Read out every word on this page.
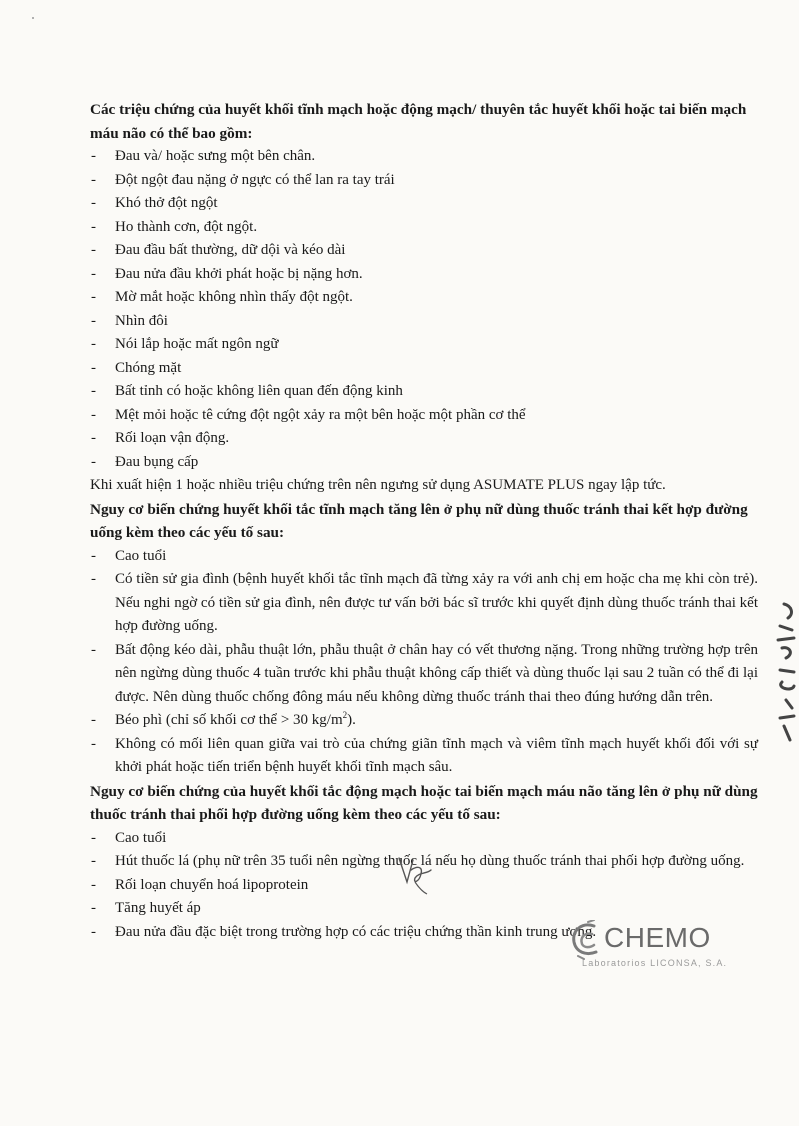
Các triệu chứng của huyết khối tĩnh mạch hoặc động mạch/ thuyên tắc huyết khối hoặc tai biến mạch máu não có thể bao gồm:

- Đau và/ hoặc sưng một bên chân.
- Đột ngột đau nặng ở ngực có thể lan ra tay trái
- Khó thở đột ngột
- Ho thành cơn, đột ngột.
- Đau đầu bất thường, dữ dội và kéo dài
- Đau nửa đầu khởi phát hoặc bị nặng hơn.
- Mờ mắt hoặc không nhìn thấy đột ngột.
- Nhìn đôi
- Nói lắp hoặc mất ngôn ngữ
- Chóng mặt
- Bất tỉnh có hoặc không liên quan đến động kinh
- Mệt mỏi hoặc tê cứng đột ngột xảy ra một bên hoặc một phần cơ thể
- Rối loạn vận động.
- Đau bụng cấp

Khi xuất hiện 1 hoặc nhiều triệu chứng trên nên ngưng sử dụng ASUMATE PLUS ngay lập tức.

Nguy cơ biến chứng huyết khối tắc tĩnh mạch tăng lên ở phụ nữ dùng thuốc tránh thai kết hợp đường uống kèm theo các yếu tố sau:

- Cao tuổi
- Có tiền sử gia đình (bệnh huyết khối tắc tĩnh mạch đã từng xảy ra với anh chị em hoặc cha mẹ khi còn trẻ). Nếu nghi ngờ có tiền sử gia đình, nên được tư vấn bởi bác sĩ trước khi quyết định dùng thuốc tránh thai kết hợp đường uống.
- Bất động kéo dài, phẫu thuật lớn, phẫu thuật ở chân hay có vết thương nặng. Trong những trường hợp trên nên ngừng dùng thuốc 4 tuần trước khi phẫu thuật không cấp thiết và dùng thuốc lại sau 2 tuần có thể đi lại được. Nên dùng thuốc chống đông máu nếu không dừng thuốc tránh thai theo đúng hướng dẫn trên.
- Béo phì (chỉ số khối cơ thể > 30 $kg/m^2$).
- Không có mối liên quan giữa vai trò của chứng giãn tĩnh mạch và viêm tĩnh mạch huyết khối đối với sự khởi phát hoặc tiến triển bệnh huyết khối tĩnh mạch sâu.

Nguy cơ biến chứng của huyết khối tắc động mạch hoặc tai biến mạch máu não tăng lên ở phụ nữ dùng thuốc tránh thai phối hợp đường uống kèm theo các yếu tố sau:

- Cao tuổi
- Hút thuốc lá (phụ nữ trên 35 tuổi nên ngừng thuốc lá nếu họ dùng thuốc tránh thai phối hợp đường uống.
- Rối loạn chuyển hoá lipoprotein
- Tăng huyết áp
- Đau nửa đầu đặc biệt trong trường hợp có các triệu chứng thần kinh trung ương. CHEMO
Laboratorios LICONSA, S.A.
